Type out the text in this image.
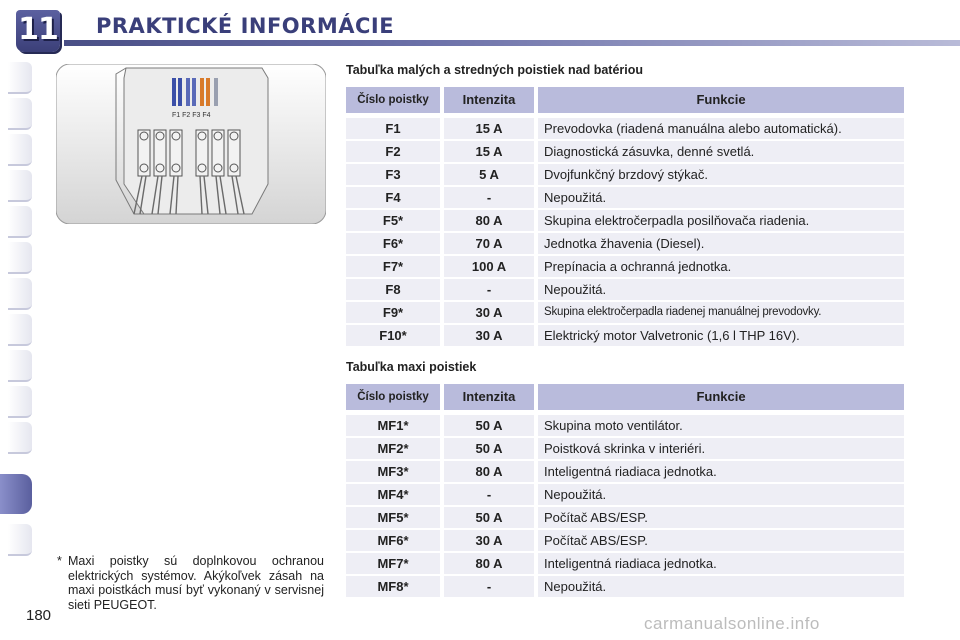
11 PRAKTICKÉ INFORMÁCIE
F1 F2 F3 F4
* Maxi poistky sú doplnkovou ochranou elektrických systémov. Akýkoľvek zásah na maxi poistkách musí byť vykonaný v servisnej sieti PEUGEOT.
Tabuľka malých a stredných poistiek nad batériou
Číslo poistky	Intenzita	Funkcie
F1	15 A	Prevodovka (riadená manuálna alebo automatická).
F2	15 A	Diagnostická zásuvka, denné svetlá.
F3	5 A	Dvojfunkčný brzdový stýkač.
F4	-	Nepoužitá.
F5*	80 A	Skupina elektročerpadla posilňovača riadenia.
F6*	70 A	Jednotka žhavenia (Diesel).
F7*	100 A	Prepínacia a ochranná jednotka.
F8	-	Nepoužitá.
F9*	30 A	Skupina elektročerpadla riadenej manuálnej prevodovky.
F10*	30 A	Elektrický motor Valvetronic (1,6 l THP 16V).
Tabuľka maxi poistiek
Číslo poistky	Intenzita	Funkcie
MF1*	50 A	Skupina moto ventilátor.
MF2*	50 A	Poistková skrinka v interiéri.
MF3*	80 A	Inteligentná riadiaca jednotka.
MF4*	-	Nepoužitá.
MF5*	50 A	Počítač ABS/ESP.
MF6*	30 A	Počítač ABS/ESP.
MF7*	80 A	Inteligentná riadiaca jednotka.
MF8*	-	Nepoužitá.
180	carmanualsonline.info
